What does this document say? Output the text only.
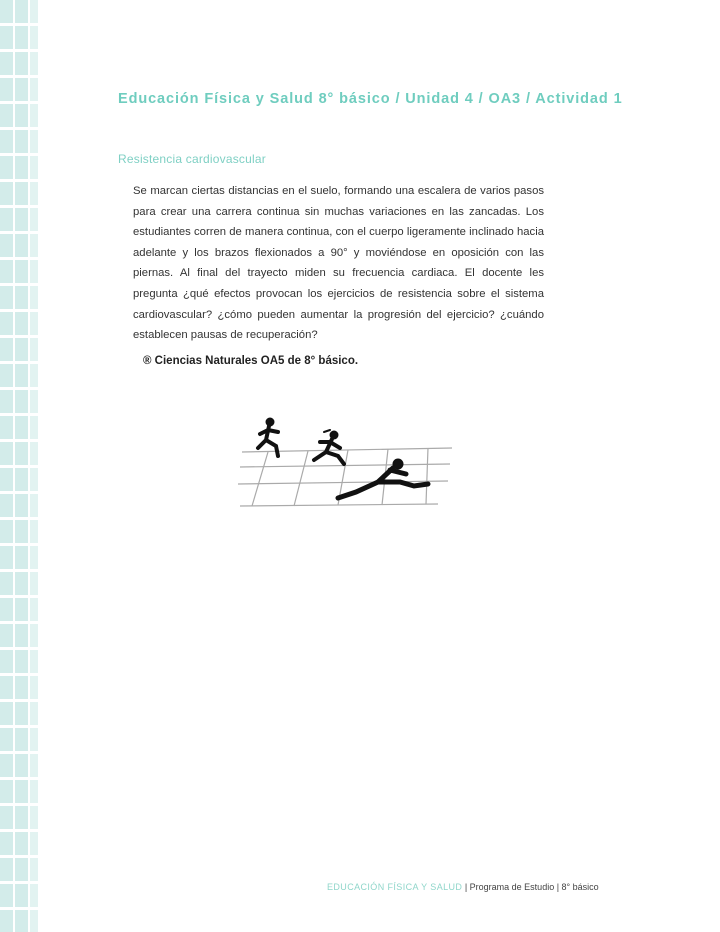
Educación Física y Salud 8° básico / Unidad 4 / OA3 / Actividad 1
Resistencia cardiovascular
Se marcan ciertas distancias en el suelo, formando una escalera de varios pasos para crear una carrera continua sin muchas variaciones en las zancadas. Los estudiantes corren de manera continua, con el cuerpo ligeramente inclinado hacia adelante y los brazos flexionados a 90° y moviéndose en oposición con las piernas. Al final del trayecto miden su frecuencia cardiaca. El docente les pregunta ¿qué efectos provocan los ejercicios de resistencia sobre el sistema cardiovascular? ¿cómo pueden aumentar la progresión del ejercicio? ¿cuándo establecen pausas de recuperación?
® Ciencias Naturales OA5 de 8° básico.
EDUCACIÓN FÍSICA Y SALUD | Programa de Estudio | 8° básico
